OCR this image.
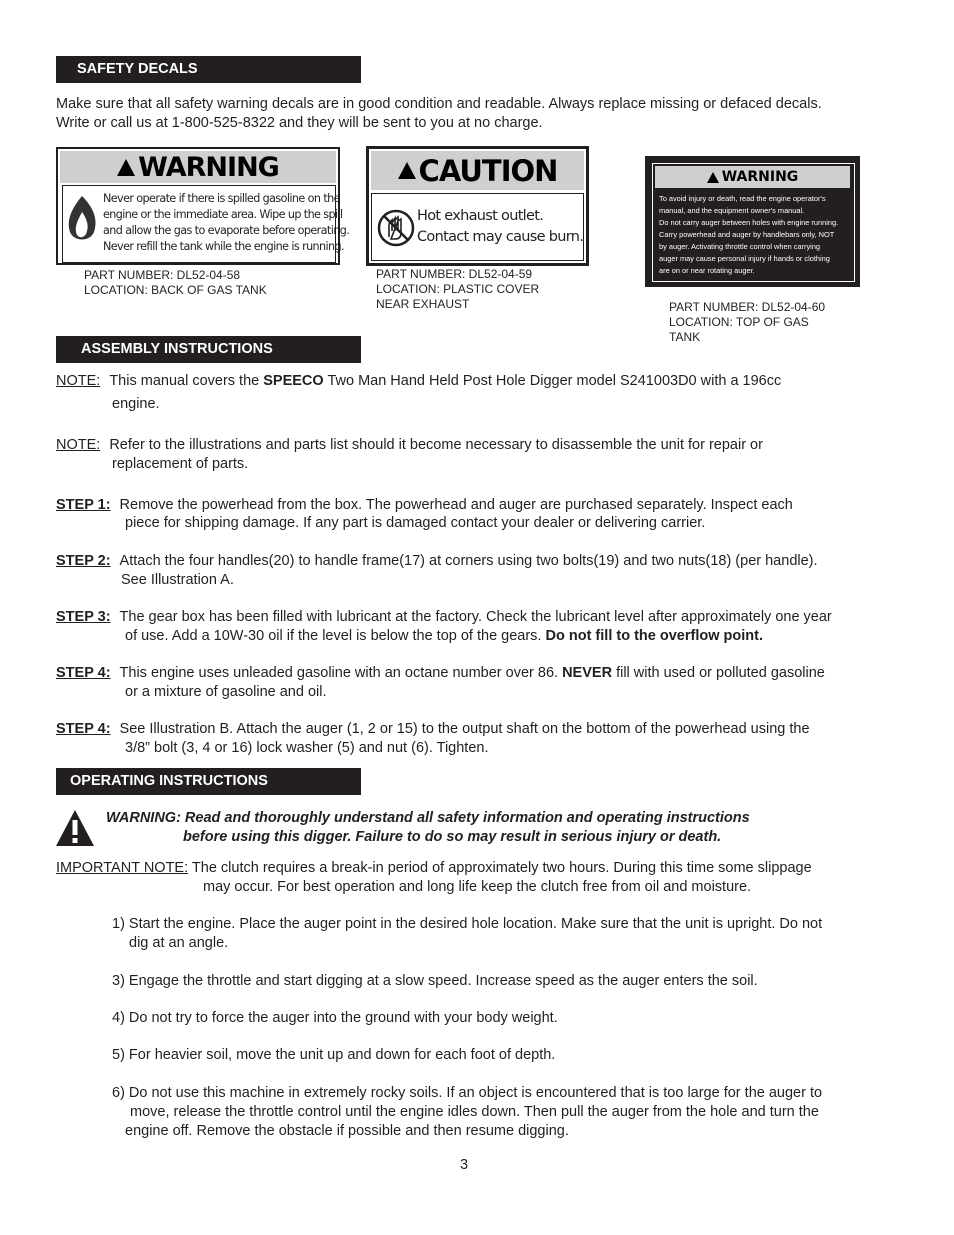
SAFETY DECALS
Make sure that all safety warning decals are in good condition and readable. Always replace missing or defaced decals.
Write or call us at 1-800-525-8322 and they will be sent to you at no charge.
WARNING
Never operate if there is spilled gasoline on the
engine or the immediate area. Wipe up the spill
and allow the gas to evaporate before operating.
Never refill the tank while the engine is running.
PART NUMBER: DL52-04-58
LOCATION: BACK OF GAS TANK
CAUTION
Hot exhaust outlet.
Contact may cause burn.
PART NUMBER: DL52-04-59
LOCATION: PLASTIC COVER
NEAR EXHAUST
WARNING
To avoid injury or death, read the engine operator's
manual, and the equipment owner's manual.
Do not carry auger between holes with engine running.
Carry powerhead and auger by handlebars only, NOT
by auger. Activating throttle control when carrying
auger may cause personal injury if hands or clothing
are on or near rotating auger.
PART NUMBER: DL52-04-60
LOCATION: TOP OF GAS
TANK
ASSEMBLY INSTRUCTIONS
NOTE: This manual covers the SPEECO Two Man Hand Held Post Hole Digger model S241003D0 with a 196cc
engine.
NOTE: Refer to the illustrations and parts list should it become necessary to disassemble the unit for repair or
replacement of parts.
STEP 1: Remove the powerhead from the box. The powerhead and auger are purchased separately. Inspect each
piece for shipping damage. If any part is damaged contact your dealer or delivering carrier.
STEP 2: Attach the four handles(20) to handle frame(17) at corners using two bolts(19) and two nuts(18) (per handle).
See Illustration A.
STEP 3: The gear box has been filled with lubricant at the factory. Check the lubricant level after approximately one year
of use. Add a 10W-30 oil if the level is below the top of the gears. Do not fill to the overflow point.
STEP 4: This engine uses unleaded gasoline with an octane number over 86. NEVER fill with used or polluted gasoline
or a mixture of gasoline and oil.
STEP 4: See Illustration B. Attach the auger (1, 2 or 15) to the output shaft on the bottom of the powerhead using the
3/8” bolt (3, 4 or 16) lock washer (5) and nut (6). Tighten.
OPERATING INSTRUCTIONS
WARNING: Read and thoroughly understand all safety information and operating instructions
before using this digger. Failure to do so may result in serious injury or death.
IMPORTANT NOTE: The clutch requires a break-in period of approximately two hours. During this time some slippage
may occur. For best operation and long life keep the clutch free from oil and moisture.
1) Start the engine. Place the auger point in the desired hole location. Make sure that the unit is upright. Do not
dig at an angle.
3) Engage the throttle and start digging at a slow speed. Increase speed as the auger enters the soil.
4) Do not try to force the auger into the ground with your body weight.
5) For heavier soil, move the unit up and down for each foot of depth.
6) Do not use this machine in extremely rocky soils. If an object is encountered that is too large for the auger to
move, release the throttle control until the engine idles down. Then pull the auger from the hole and turn the
engine off. Remove the obstacle if possible and then resume digging.
3
